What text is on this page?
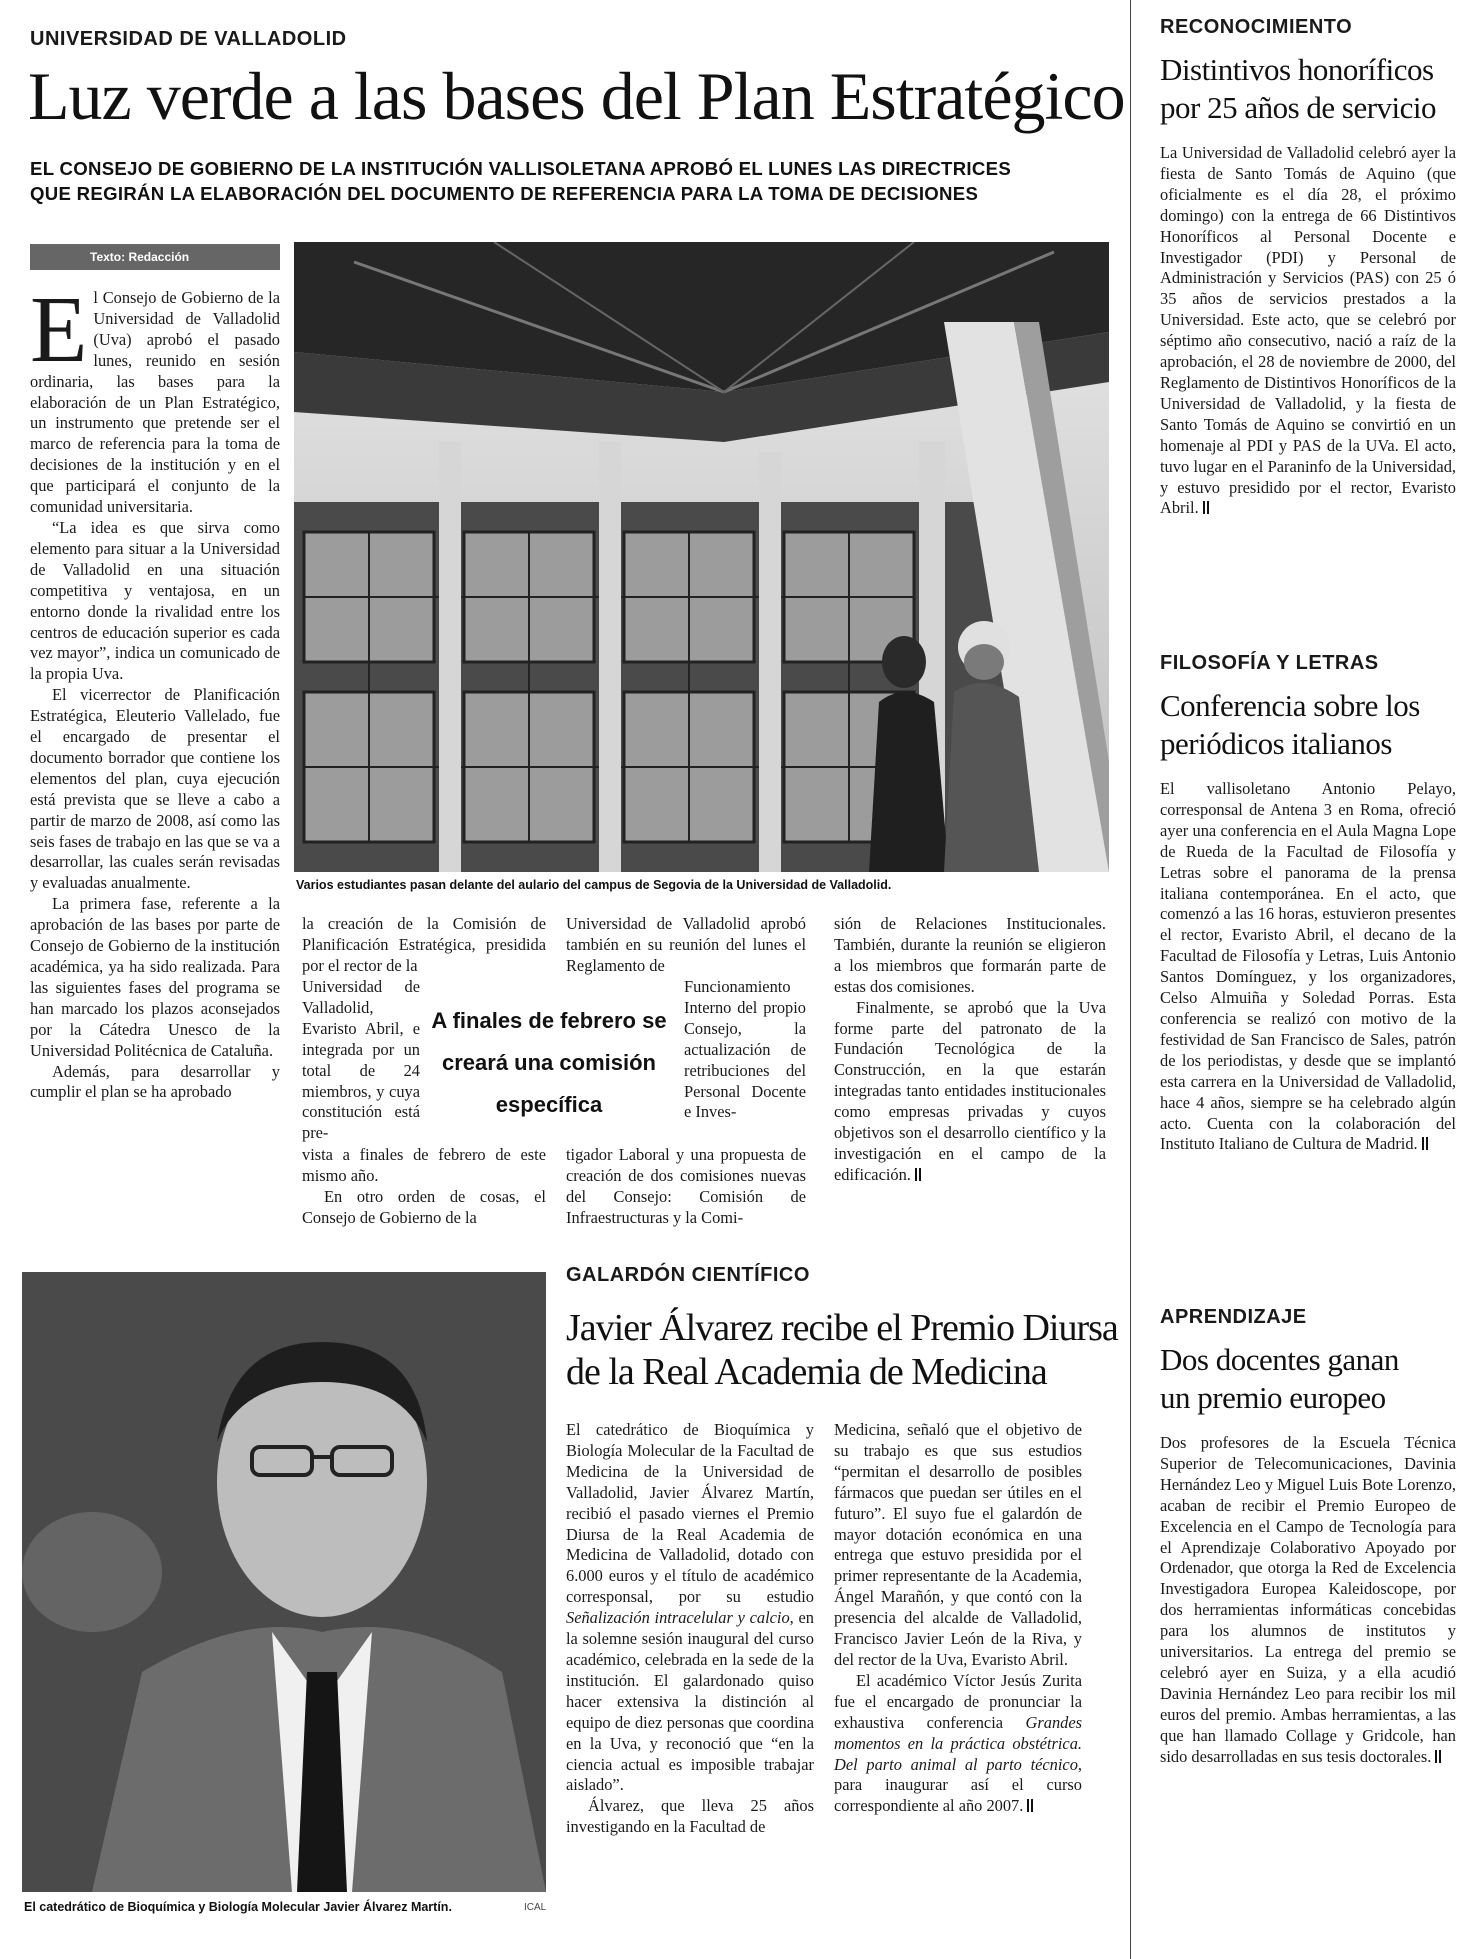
UNIVERSIDAD DE VALLADOLID
Luz verde a las bases del Plan Estratégico
EL CONSEJO DE GOBIERNO DE LA INSTITUCIÓN VALLISOLETANA APROBÓ EL LUNES LAS DIRECTRICES
QUE REGIRÁN LA ELABORACIÓN DEL DOCUMENTO DE REFERENCIA PARA LA TOMA DE DECISIONES
Texto: Redacción

El Consejo de Gobierno de la Universidad de Valladolid (Uva) aprobó el pasado lunes, reunido en sesión ordinaria, las bases para la elaboración de un Plan Estratégico, un instrumento que pretende ser el marco de referencia para la toma de decisiones de la institución y en el que participará el conjunto de la comunidad universitaria.

“La idea es que sirva como elemento para situar a la Universidad de Valladolid en una situación competitiva y ventajosa, en un entorno donde la rivalidad entre los centros de educación superior es cada vez mayor”, indica un comunicado de la propia Uva.

El vicerrector de Planificación Estratégica, Eleuterio Vallelado, fue el encargado de presentar el documento borrador que contiene los elementos del plan, cuya ejecución está prevista que se lleve a cabo a partir de marzo de 2008, así como las seis fases de trabajo en las que se va a desarrollar, las cuales serán revisadas y evaluadas anualmente.

La primera fase, referente a la aprobación de las bases por parte de Consejo de Gobierno de la institución académica, ya ha sido realizada. Para las siguientes fases del programa se han marcado los plazos aconsejados por la Cátedra Unesco de la Universidad Politécnica de Cataluña.

Además, para desarrollar y cumplir el plan se ha aprobado

Varios estudiantes pasan delante del aulario del campus de Segovia de la Universidad de Valladolid.

la creación de la Comisión de Planificación Estratégica, presidida por el rector de la

Universidad de Valladolid, Evaristo Abril, e integrada por un total de 24 miembros, y cuya constitución está pre-

vista a finales de febrero de este mismo año.

En otro orden de cosas, el Consejo de Gobierno de la

A finales de febrero se creará una comisión específica

Universidad de Valladolid aprobó también en su reunión del lunes el Reglamento de

Funcionamiento Interno del propio Consejo, la actualización de retribuciones del Personal Docente e Inves-

tigador Laboral y una propuesta de creación de dos comisiones nuevas del Consejo: Comisión de Infraestructuras y la Comi-

sión de Relaciones Institucionales. También, durante la reunión se eligieron a los miembros que formarán parte de estas dos comisiones.

Finalmente, se aprobó que la Uva forme parte del patronato de la Fundación Tecnológica de la Construcción, en la que estarán integradas tanto entidades institucionales como empresas privadas y cuyos objetivos son el desarrollo científico y la investigación en el campo de la edificación.

El catedrático de Bioquímica y Biología Molecular Javier Álvarez Martín.	ICAL
GALARDÓN CIENTÍFICO
Javier Álvarez recibe el Premio Diursa
de la Real Academia de Medicina

El catedrático de Bioquímica y Biología Molecular de la Facultad de Medicina de la Universidad de Valladolid, Javier Álvarez Martín, recibió el pasado viernes el Premio Diursa de la Real Academia de Medicina de Valladolid, dotado con 6.000 euros y el título de académico corresponsal, por su estudio Señalización intracelular y calcio, en la solemne sesión inaugural del curso académico, celebrada en la sede de la institución. El galardonado quiso hacer extensiva la distinción al equipo de diez personas que coordina en la Uva, y reconoció que “en la ciencia actual es imposible trabajar aislado”.

Álvarez, que lleva 25 años investigando en la Facultad de

Medicina, señaló que el objetivo de su trabajo es que sus estudios “permitan el desarrollo de posibles fármacos que puedan ser útiles en el futuro”. El suyo fue el galardón de mayor dotación económica en una entrega que estuvo presidida por el primer representante de la Academia, Ángel Marañón, y que contó con la presencia del alcalde de Valladolid, Francisco Javier León de la Riva, y del rector de la Uva, Evaristo Abril.

El académico Víctor Jesús Zurita fue el encargado de pronunciar la exhaustiva conferencia Grandes momentos en la práctica obstétrica. Del parto animal al parto técnico, para inaugurar así el curso correspondiente al año 2007.

RECONOCIMIENTO
Distintivos honoríficos
por 25 años de servicio

La Universidad de Valladolid celebró ayer la fiesta de Santo Tomás de Aquino (que oficialmente es el día 28, el próximo domingo) con la entrega de 66 Distintivos Honoríficos al Personal Docente e Investigador (PDI) y Personal de Administración y Servicios (PAS) con 25 ó 35 años de servicios prestados a la Universidad. Este acto, que se celebró por séptimo año consecutivo, nació a raíz de la aprobación, el 28 de noviembre de 2000, del Reglamento de Distintivos Honoríficos de la Universidad de Valladolid, y la fiesta de Santo Tomás de Aquino se convirtió en un homenaje al PDI y PAS de la UVa. El acto, tuvo lugar en el Paraninfo de la Universidad, y estuvo presidido por el rector, Evaristo Abril.

FILOSOFÍA Y LETRAS
Conferencia sobre los
periódicos italianos

El vallisoletano Antonio Pelayo, corresponsal de Antena 3 en Roma, ofreció ayer una conferencia en el Aula Magna Lope de Rueda de la Facultad de Filosofía y Letras sobre el panorama de la prensa italiana contemporánea. En el acto, que comenzó a las 16 horas, estuvieron presentes el rector, Evaristo Abril, el decano de la Facultad de Filosofía y Letras, Luis Antonio Santos Domínguez, y los organizadores, Celso Almuiña y Soledad Porras. Esta conferencia se realizó con motivo de la festividad de San Francisco de Sales, patrón de los periodistas, y desde que se implantó esta carrera en la Universidad de Valladolid, hace 4 años, siempre se ha celebrado algún acto. Cuenta con la colaboración del Instituto Italiano de Cultura de Madrid.

APRENDIZAJE
Dos docentes ganan
un premio europeo

Dos profesores de la Escuela Técnica Superior de Telecomunicaciones, Davinia Hernández Leo y Miguel Luis Bote Lorenzo, acaban de recibir el Premio Europeo de Excelencia en el Campo de Tecnología para el Aprendizaje Colaborativo Apoyado por Ordenador, que otorga la Red de Excelencia Investigadora Europea Kaleidoscope, por dos herramientas informáticas concebidas para los alumnos de institutos y universitarios. La entrega del premio se celebró ayer en Suiza, y a ella acudió Davinia Hernández Leo para recibir los mil euros del premio. Ambas herramientas, a las que han llamado Collage y Gridcole, han sido desarrolladas en sus tesis doctorales.
